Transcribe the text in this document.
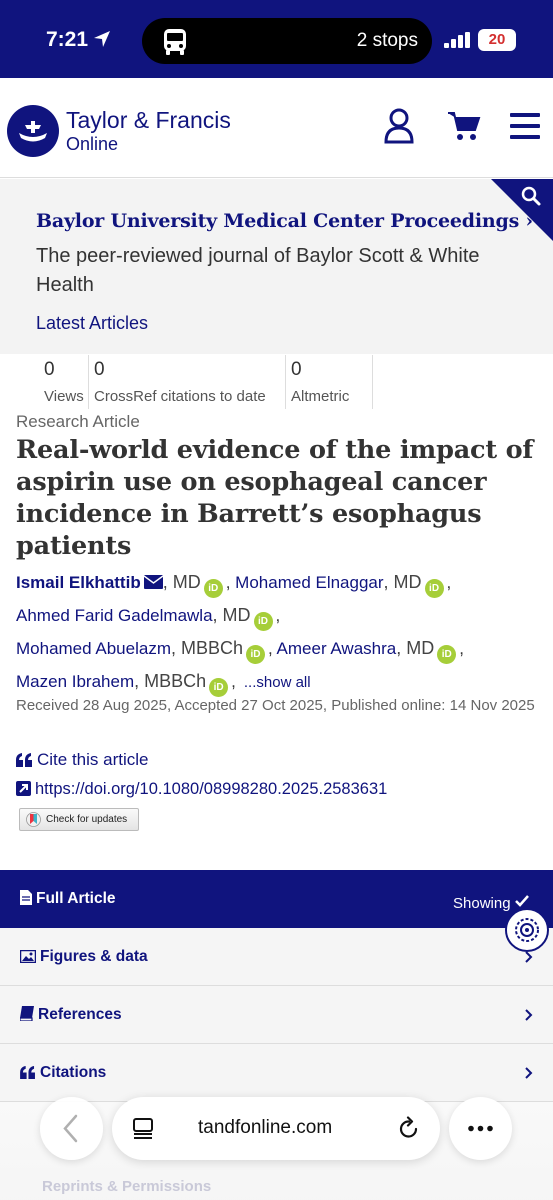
7:21	2 stops	20
Taylor & Francis
Online
Baylor University Medical Center Proceedings ›
The peer-reviewed journal of Baylor Scott & White Health
Latest Articles
0
Views
0
CrossRef citations to date
0
Altmetric
Research Article
Real-world evidence of the impact of aspirin use on esophageal cancer incidence in Barrett’s esophagus patients
Ismail Elkhattib , MD iD , Mohamed Elnaggar, MD iD ,
Ahmed Farid Gadelmawla, MD iD ,
Mohamed Abuelazm, MBBCh iD , Ameer Awashra, MD iD ,
Mazen Ibrahem, MBBCh iD , ...show all
Received 28 Aug 2025, Accepted 27 Oct 2025, Published online: 14 Nov 2025
Cite this article
https://doi.org/10.1080/08998280.2025.2583631
Check for updates
Full Article	Showing
Figures & data
References
Citations
Reprints & Permissions
tandfonline.com
